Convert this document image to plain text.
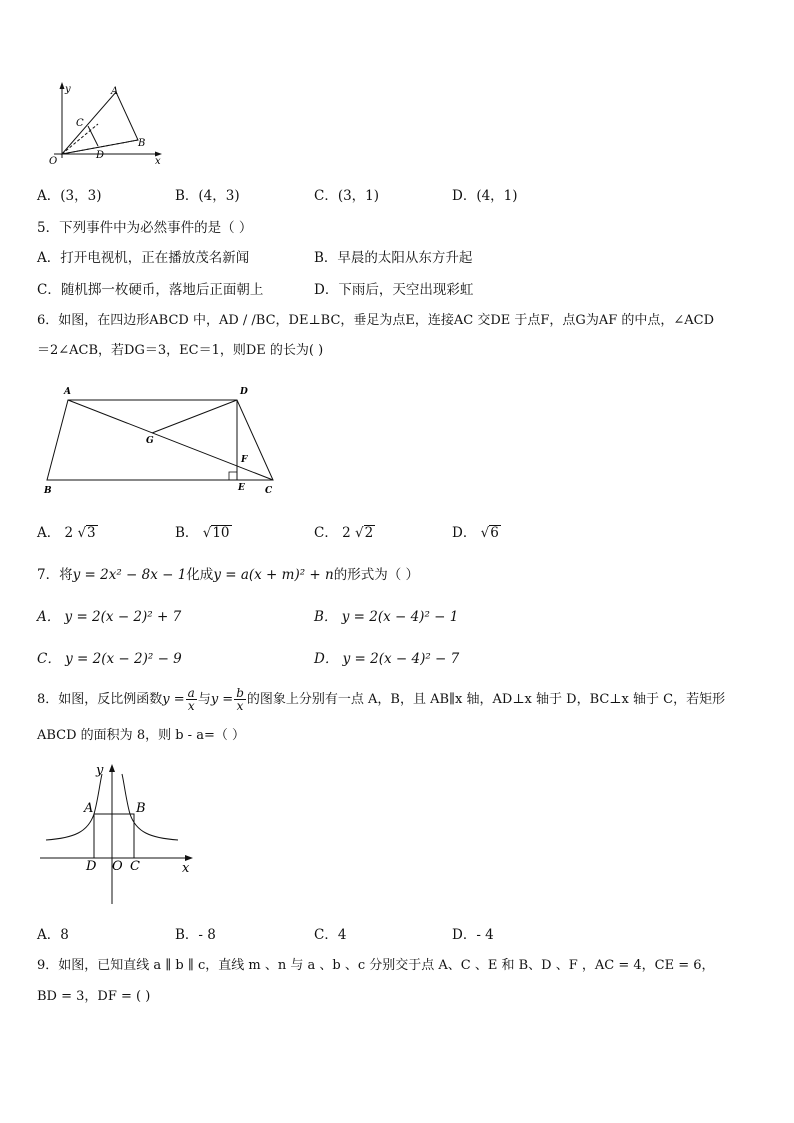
y
x
O
A
B
C
D
A．(3，3)	B．(4，3)	C．(3，1)	D．(4，1)
5．下列事件中为必然事件的是（ ）
A．打开电视机，正在播放茂名新闻	B．早晨的太阳从东方升起
C．随机掷一枚硬币，落地后正面朝上	D．下雨后，天空出现彩虹
6．如图，在四边形ABCD 中，AD / /BC，DE⊥BC，垂足为点E，连接AC 交DE 于点F，点G为AF 的中点，∠ACD
＝2∠ACB，若DG＝3，EC＝1，则DE 的长为( )
A	D
G
F
B	E C
A． 2 √3	B． √10	C． 2 √2	D． √6
7．将y = 2x² − 8x − 1化成y = a(x + m)² + n的形式为（ ）
A． y = 2(x − 2)² + 7	B． y = 2(x − 4)² − 1
C． y = 2(x − 2)² − 9	D． y = 2(x − 4)² − 7
8．如图，反比例函数$y = \frac{a}{x}$ 与$y = \frac{b}{x}$ 的图象上分别有一点 A，B，且 AB∥x 轴，AD⊥x 轴于 D，BC⊥x 轴于 C，若矩形
ABCD 的面积为 8，则 b - a=（ ）
y
x
A	B
D O C
A．8	B．- 8	C．4	D．- 4
9．如图，已知直线 a ∥ b ∥ c，直线 m 、n 与 a 、b 、c 分别交于点 A、C 、E 和 B、D 、F ，AC = 4，CE = 6，
BD = 3，DF = ( )
